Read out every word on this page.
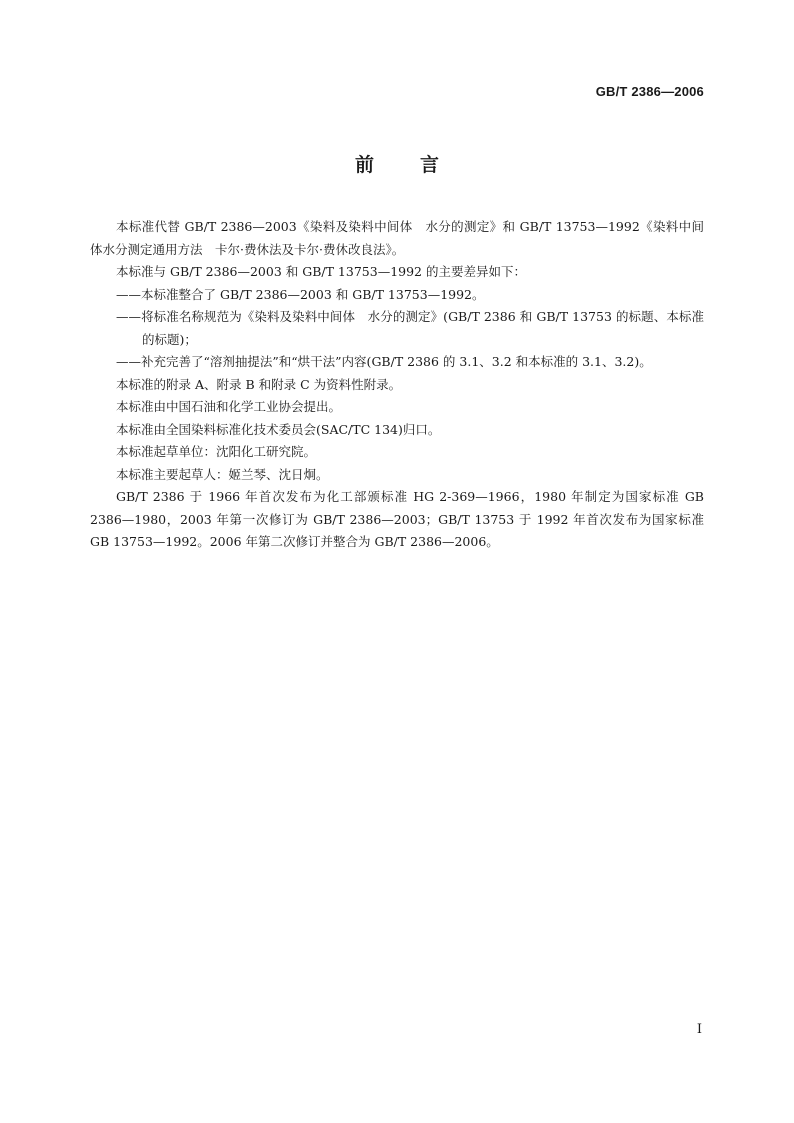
GB/T 2386—2006
前 言

本标准代替 GB/T 2386—2003《染料及染料中间体　水分的测定》和 GB/T 13753—1992《染料中间体水分测定通用方法　卡尔·费休法及卡尔·费休改良法》。

本标准与 GB/T 2386—2003 和 GB/T 13753—1992 的主要差异如下：

——本标准整合了 GB/T 2386—2003 和 GB/T 13753—1992。

——将标准名称规范为《染料及染料中间体　水分的测定》(GB/T 2386 和 GB/T 13753 的标题、本标准的标题)；

——补充完善了“溶剂抽提法”和“烘干法”内容(GB/T 2386 的 3.1、3.2 和本标准的 3.1、3.2)。

本标准的附录 A、附录 B 和附录 C 为资料性附录。

本标准由中国石油和化学工业协会提出。

本标准由全国染料标准化技术委员会(SAC/TC 134)归口。

本标准起草单位：沈阳化工研究院。

本标准主要起草人：姬兰琴、沈日炯。

GB/T 2386 于 1966 年首次发布为化工部颁标准 HG 2-369—1966，1980 年制定为国家标准 GB 2386—1980，2003 年第一次修订为 GB/T 2386—2003；GB/T 13753 于 1992 年首次发布为国家标准 GB 13753—1992。2006 年第二次修订并整合为 GB/T 2386—2006。

I
